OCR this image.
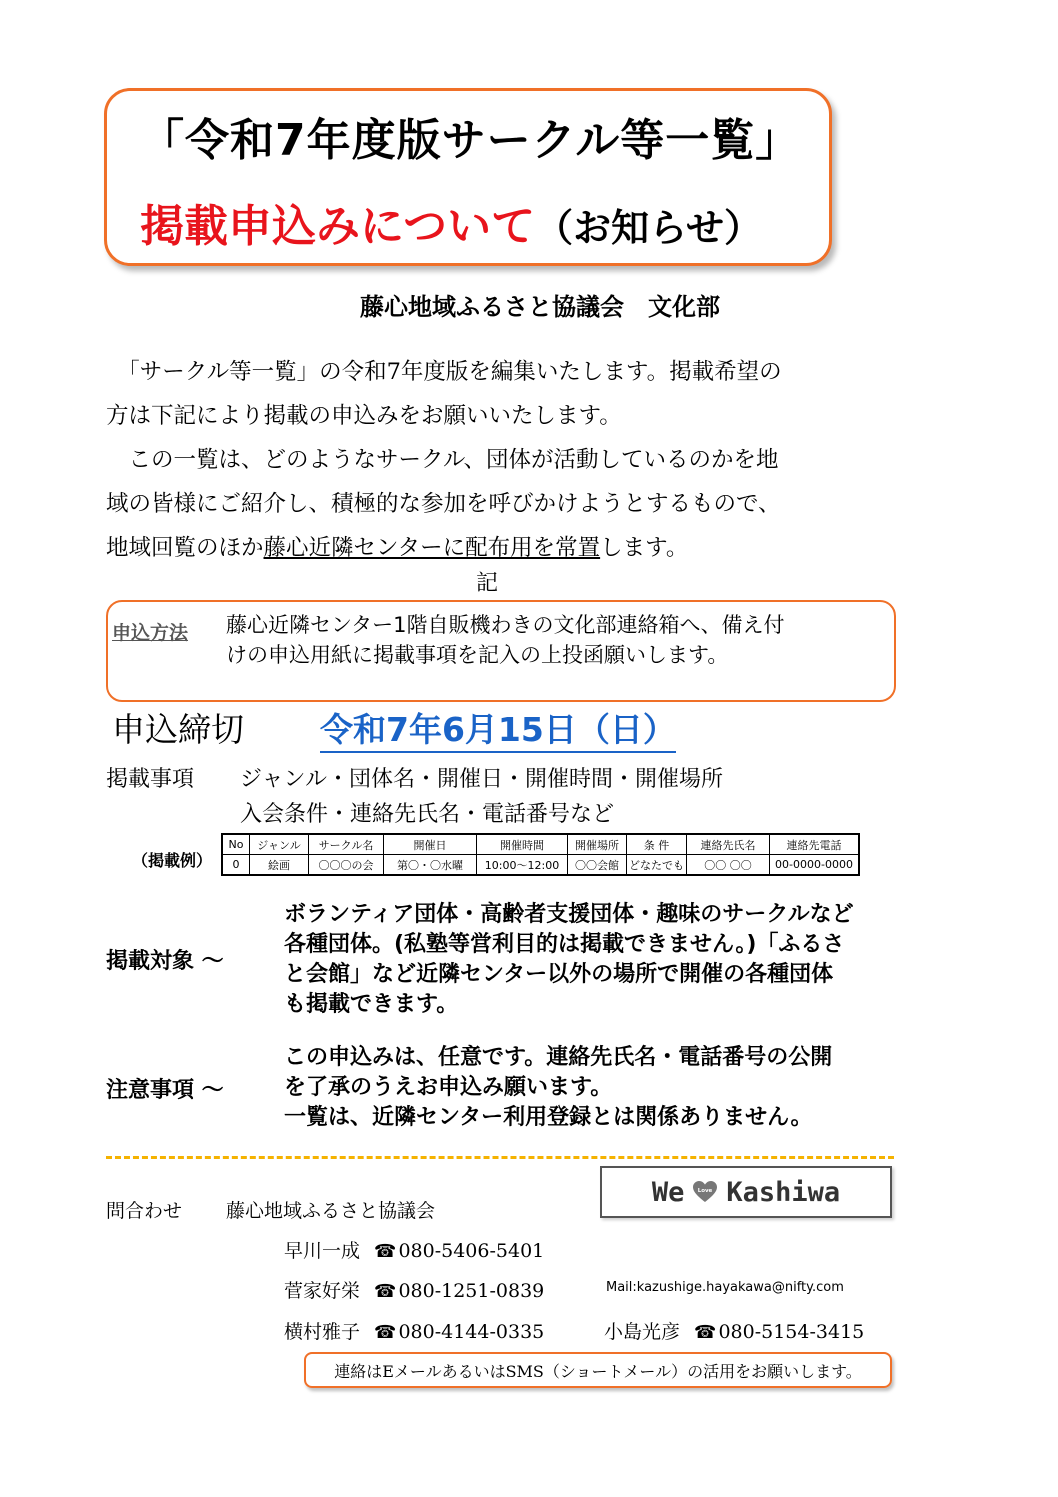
「令和7年度版サークル等一覧」
掲載申込みについて（お知らせ）
藤心地域ふるさと協議会　文化部

　「サークル等一覧」の令和7年度版を編集いたします。掲載希望の

方は下記により掲載の申込みをお願いいたします。

　この一覧は、どのようなサークル、団体が活動しているのかを地

域の皆様にご紹介し、積極的な参加を呼びかけようとするもので、

地域回覧のほか藤心近隣センターに配布用を常置します。

記
申込方法 藤心近隣センター1階自販機わきの文化部連絡箱へ、備え付
けの申込用紙に掲載事項を記入の上投函願いします。
申込締切 令和7年6月15日（日）
掲載事項 ジャンル・団体名・開催日・開催時間・開催場所
入会条件・連絡先氏名・電話番号など
（掲載例）
No	ジャンル	サークル名	開催日	開催時間	開催場所	条 件	連絡先氏名	連絡先電話
0	絵画	〇〇〇の会	第〇・〇水曜	10:00～12:00	〇〇会館	どなたでも	〇〇 〇〇	00-0000-0000
掲載対象 ～
ボランティア団体・高齢者支援団体・趣味のサークルなど
各種団体。(私塾等営利目的は掲載できません。)「ふるさ
と会館」など近隣センター以外の場所で開催の各種団体
も掲載できます。
注意事項 ～
この申込みは、任意です。連絡先氏名・電話番号の公開
を了承のうえお申込み願います。
一覧は、近隣センター利用登録とは関係ありません。
問合わせ 藤心地域ふるさと協議会
早川一成 ☎ 080-5406-5401
菅家好栄 ☎ 080-1251-0839
横村雅子 ☎ 080-4144-0335	小島光彦 ☎ 080-5154-3415
Mail:kazushige.hayakawa@nifty.com
We Love Kashiwa
連絡はEメールあるいはSMS（ショートメール）の活用をお願いします。
